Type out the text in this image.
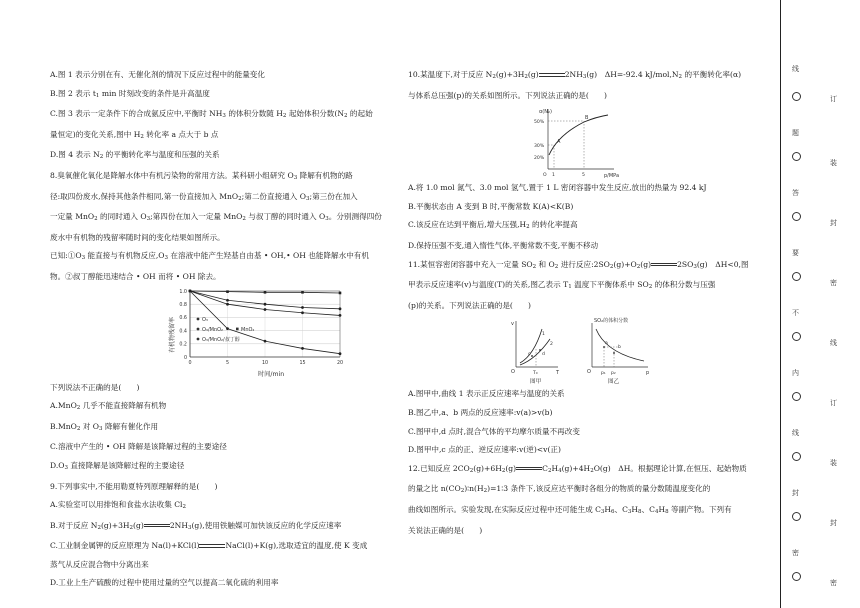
A.图 1 表示分别在有、无催化剂的情况下反应过程中的能量变化

B.图 2 表示 t1 min 时刻改变的条件是升高温度

C.图 3 表示一定条件下的合成氨反应中,平衡时 NH3 的体积分数随 H2 起始体积分数(N2 的起始

量恒定)的变化关系,图中 H2 转化率 a 点大于 b 点

D.图 4 表示 N2 的平衡转化率与温度和压强的关系

8.臭氧催化氧化是降解水体中有机污染物的常用方法。某科研小组研究 O3 降解有机物的路

径:取四份废水,保持其他条件相同,第一份直接加入 MnO2;第二份直接通入 O3;第三份在加入

一定量 MnO2 的同时通入 O3;第四份在加入一定量 MnO2 与叔丁醇的同时通入 O3。分别测得四份

废水中有机物的残留率随时间的变化结果如图所示。

已知:①O3 能直接与有机物反应,O3 在溶液中能产生羟基自由基 • OH,• OH 也能降解水中有机

物。②叔丁醇能迅速结合 • OH 而将 • OH 除去。

0
0.2
0.4
0.6
0.8
1.0
0	5	10	15	20
有机物残留率
时间/min
O₃
O₃/MnO₂	MnO₂
O₃/MnO₂/叔丁醇

下列说法不正确的是(　　)

A.MnO2 几乎不能直接降解有机物

B.MnO2 对 O3 降解有催化作用

C.溶液中产生的 • OH 降解是该降解过程的主要途径

D.O3 直接降解是该降解过程的主要途径

9.下列事实中,不能用勒夏特列原理解释的是(　　)

A.实验室可以用排饱和食盐水法收集 Cl2

B.对于反应 N2(g)+3H2(g)	2NH3(g),使用铁触媒可加快该反应的化学反应速率

C.工业制金属钾的反应原理为 Na(l)+KCl(l)	NaCl(l)+K(g),选取适宜的温度,使 K 变成

蒸气从反应混合物中分离出来

D.工业上生产硫酸的过程中使用过量的空气以提高二氧化硫的利用率

10.某温度下,对于反应 N2(g)+3H2(g)	2NH3(g)　ΔH=-92.4 kJ/mol,N2 的平衡转化率(α)

与体系总压强(p)的关系如图所示。下列说法正确的是(　　)

α(N₂)
p/MPa
50%
30%
20%
O 1	5
A
B

A.将 1.0 mol 氮气、3.0 mol 氢气,置于 1 L 密闭容器中发生反应,放出的热量为 92.4 kJ

B.平衡状态由 A 变到 B 时,平衡常数 K(A)<K(B)

C.该反应在达到平衡后,增大压强,H2 的转化率提高

D.保持压强不变,通入惰性气体,平衡常数不变,平衡不移动

11.某恒容密闭容器中充入一定量 SO2 和 O2 进行反应:2SO2(g)+O2(g)	2SO3(g)　ΔH<0,图

甲表示反应速率(v)与温度(T)的关系,图乙表示 T1 温度下平衡体系中 SO2 的体积分数与压强

(p)的关系。下列说法正确的是(　　)

v
T
O	T₀
1
2
c d
图甲
SO₂的体积分数
p
O p₁ p₂
a
b
图乙

A.图甲中,曲线 1 表示正反应速率与温度的关系

B.图乙中,a、b 两点的反应速率:v(a)>v(b)

C.图甲中,d 点时,混合气体的平均摩尔质量不再改变

D.图甲中,c 点的正、逆反应速率:v(逆)<v(正)

12.已知反应 2CO2(g)+6H2(g)	C2H4(g)+4H2O(g)　ΔH。根据理论计算,在恒压、起始物质

的量之比 n(CO2)∶n(H2)=1∶3 条件下,该反应达平衡时各组分的物质的量分数随温度变化的

曲线如图所示。实验发现,在实际反应过程中还可能生成 C3H6、C3H8、C4H8 等副产物。下列有

关说法正确的是(　　)

线
订
题
装
答
封
要
密
不
线
内
订
线
装
封
封
密
密
